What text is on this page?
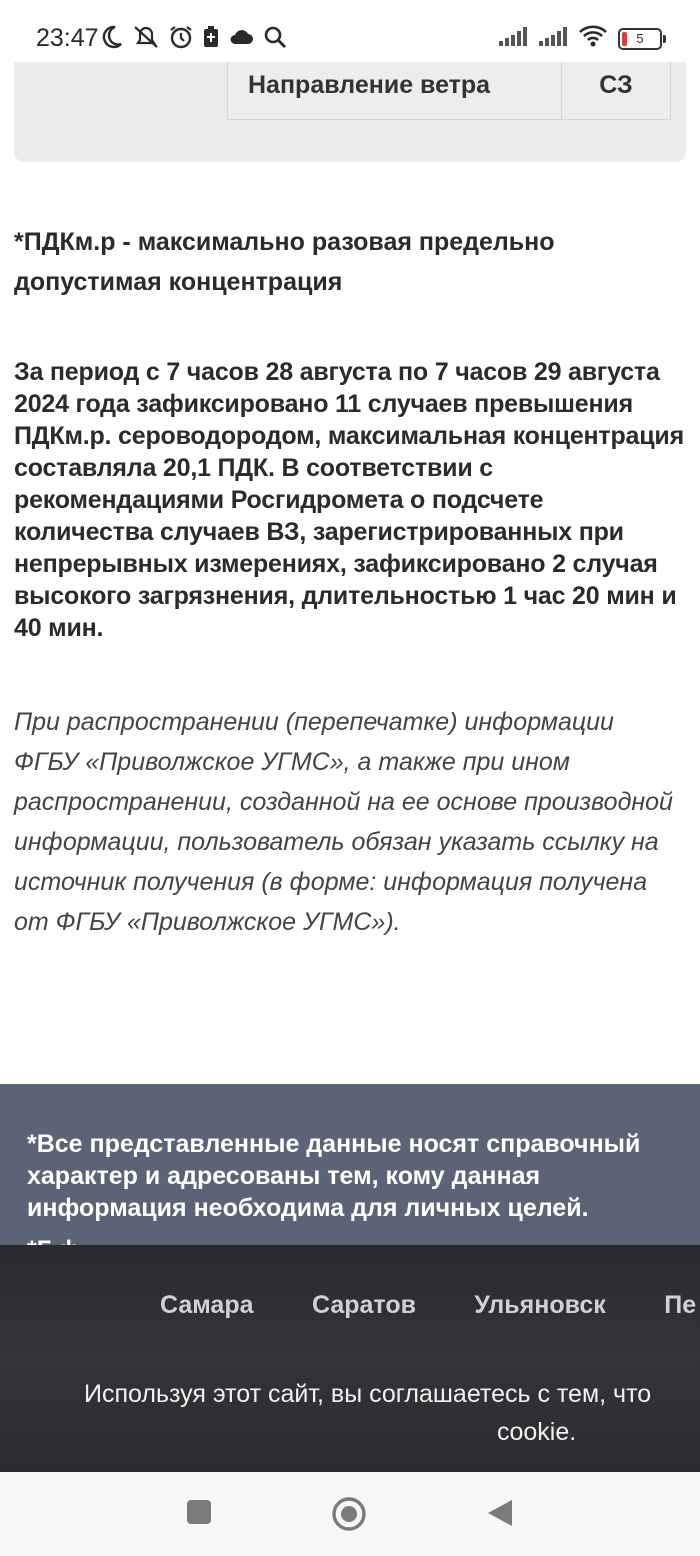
23:47	5
Направление ветра	СЗ
*ПДКм.р - максимально разовая предельно допустимая концентрация
За период с 7 часов 28 августа по 7 часов 29 августа 2024 года зафиксировано 11 случаев превышения ПДКм.р. сероводородом, максимальная концентрация составляла 20,1 ПДК. В соответствии с рекомендациями Росгидромета о подсчете количества случаев ВЗ, зарегистрированных при непрерывных измерениях, зафиксировано 2 случая высокого загрязнения, длительностью 1 час 20 мин и 40 мин.
При распространении (перепечатке) информации ФГБУ «Приволжское УГМС», а также при ином распространении, созданной на ее основе производной информации, пользователь обязан указать ссылку на источник получения (в форме: информация получена от ФГБУ «Приволжское УГМС»).
*Все представленные данные носят справочный характер и адресованы тем, кому данная информация необходима для личных целей.
Самара Саратов Ульяновск Пе
Используя этот сайт, вы соглашаетесь с тем, что
cookie.
